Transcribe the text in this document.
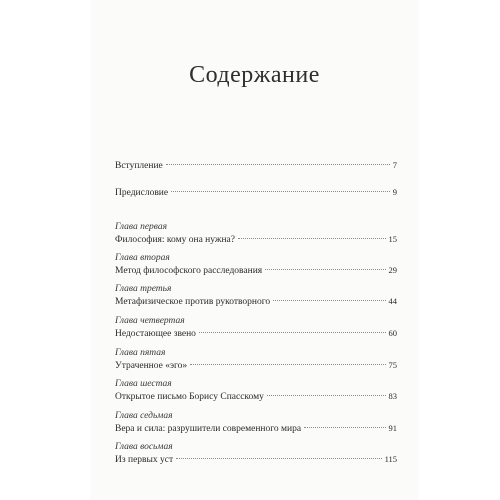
Содержание
Вступление	7
Предисловие	9
Глава первая
Философия: кому она нужна?	15
Глава вторая
Метод философского расследования	29
Глава третья
Метафизическое против рукотворного	44
Глава четвертая
Недостающее звено	60
Глава пятая
Утраченное «эго»	75
Глава шестая
Открытое письмо Борису Спасскому	83
Глава седьмая
Вера и сила: разрушители современного мира	91
Глава восьмая
Из первых уст	115
